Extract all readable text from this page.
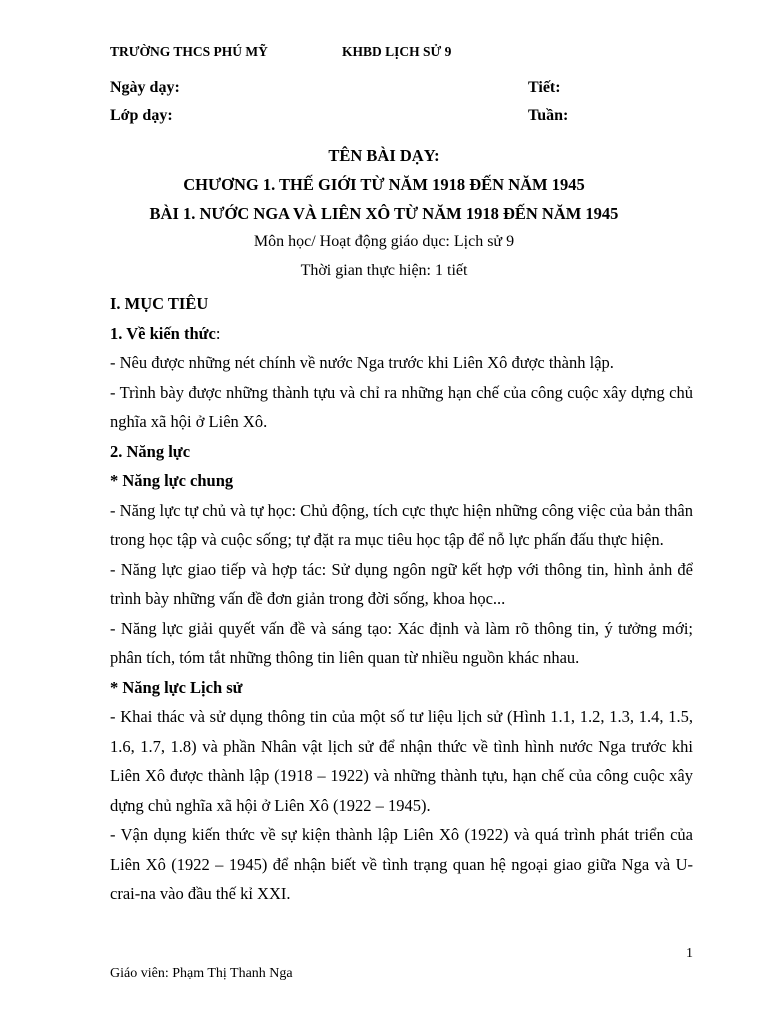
TRƯỜNG THCS PHÚ MỸ	KHBD LỊCH SỬ 9
Ngày dạy:	Tiết:
Lớp dạy:	Tuần:
TÊN BÀI DẠY:
CHƯƠNG 1. THẾ GIỚI TỪ NĂM 1918 ĐẾN NĂM 1945
BÀI 1. NƯỚC NGA VÀ LIÊN XÔ TỪ NĂM 1918 ĐẾN NĂM 1945
Môn học/ Hoạt động giáo dục: Lịch sử 9
Thời gian thực hiện: 1 tiết

I. MỤC TIÊU

1. Về kiến thức:

- Nêu được những nét chính về nước Nga trước khi Liên Xô được thành lập.

- Trình bày được những thành tựu và chỉ ra những hạn chế của công cuộc xây dựng chủ nghĩa xã hội ở Liên Xô.

2. Năng lực

* Năng lực chung

- Năng lực tự chủ và tự học: Chủ động, tích cực thực hiện những công việc của bản thân trong học tập và cuộc sống; tự đặt ra mục tiêu học tập để nỗ lực phấn đấu thực hiện.

- Năng lực giao tiếp và hợp tác: Sử dụng ngôn ngữ kết hợp với thông tin, hình ảnh để trình bày những vấn đề đơn giản trong đời sống, khoa học...

- Năng lực giải quyết vấn đề và sáng tạo: Xác định và làm rõ thông tin, ý tưởng mới; phân tích, tóm tắt những thông tin liên quan từ nhiều nguồn khác nhau.

* Năng lực Lịch sử

- Khai thác và sử dụng thông tin của một số tư liệu lịch sử (Hình 1.1, 1.2, 1.3, 1.4, 1.5, 1.6, 1.7, 1.8) và phần Nhân vật lịch sử để nhận thức về tình hình nước Nga trước khi Liên Xô được thành lập (1918 – 1922) và những thành tựu, hạn chế của công cuộc xây dựng chủ nghĩa xã hội ở Liên Xô (1922 – 1945).

- Vận dụng kiến thức về sự kiện thành lập Liên Xô (1922) và quá trình phát triển của Liên Xô (1922 – 1945) để nhận biết về tình trạng quan hệ ngoại giao giữa Nga và U-crai-na vào đầu thế kỉ XXI.

1
Giáo viên: Phạm Thị Thanh Nga
